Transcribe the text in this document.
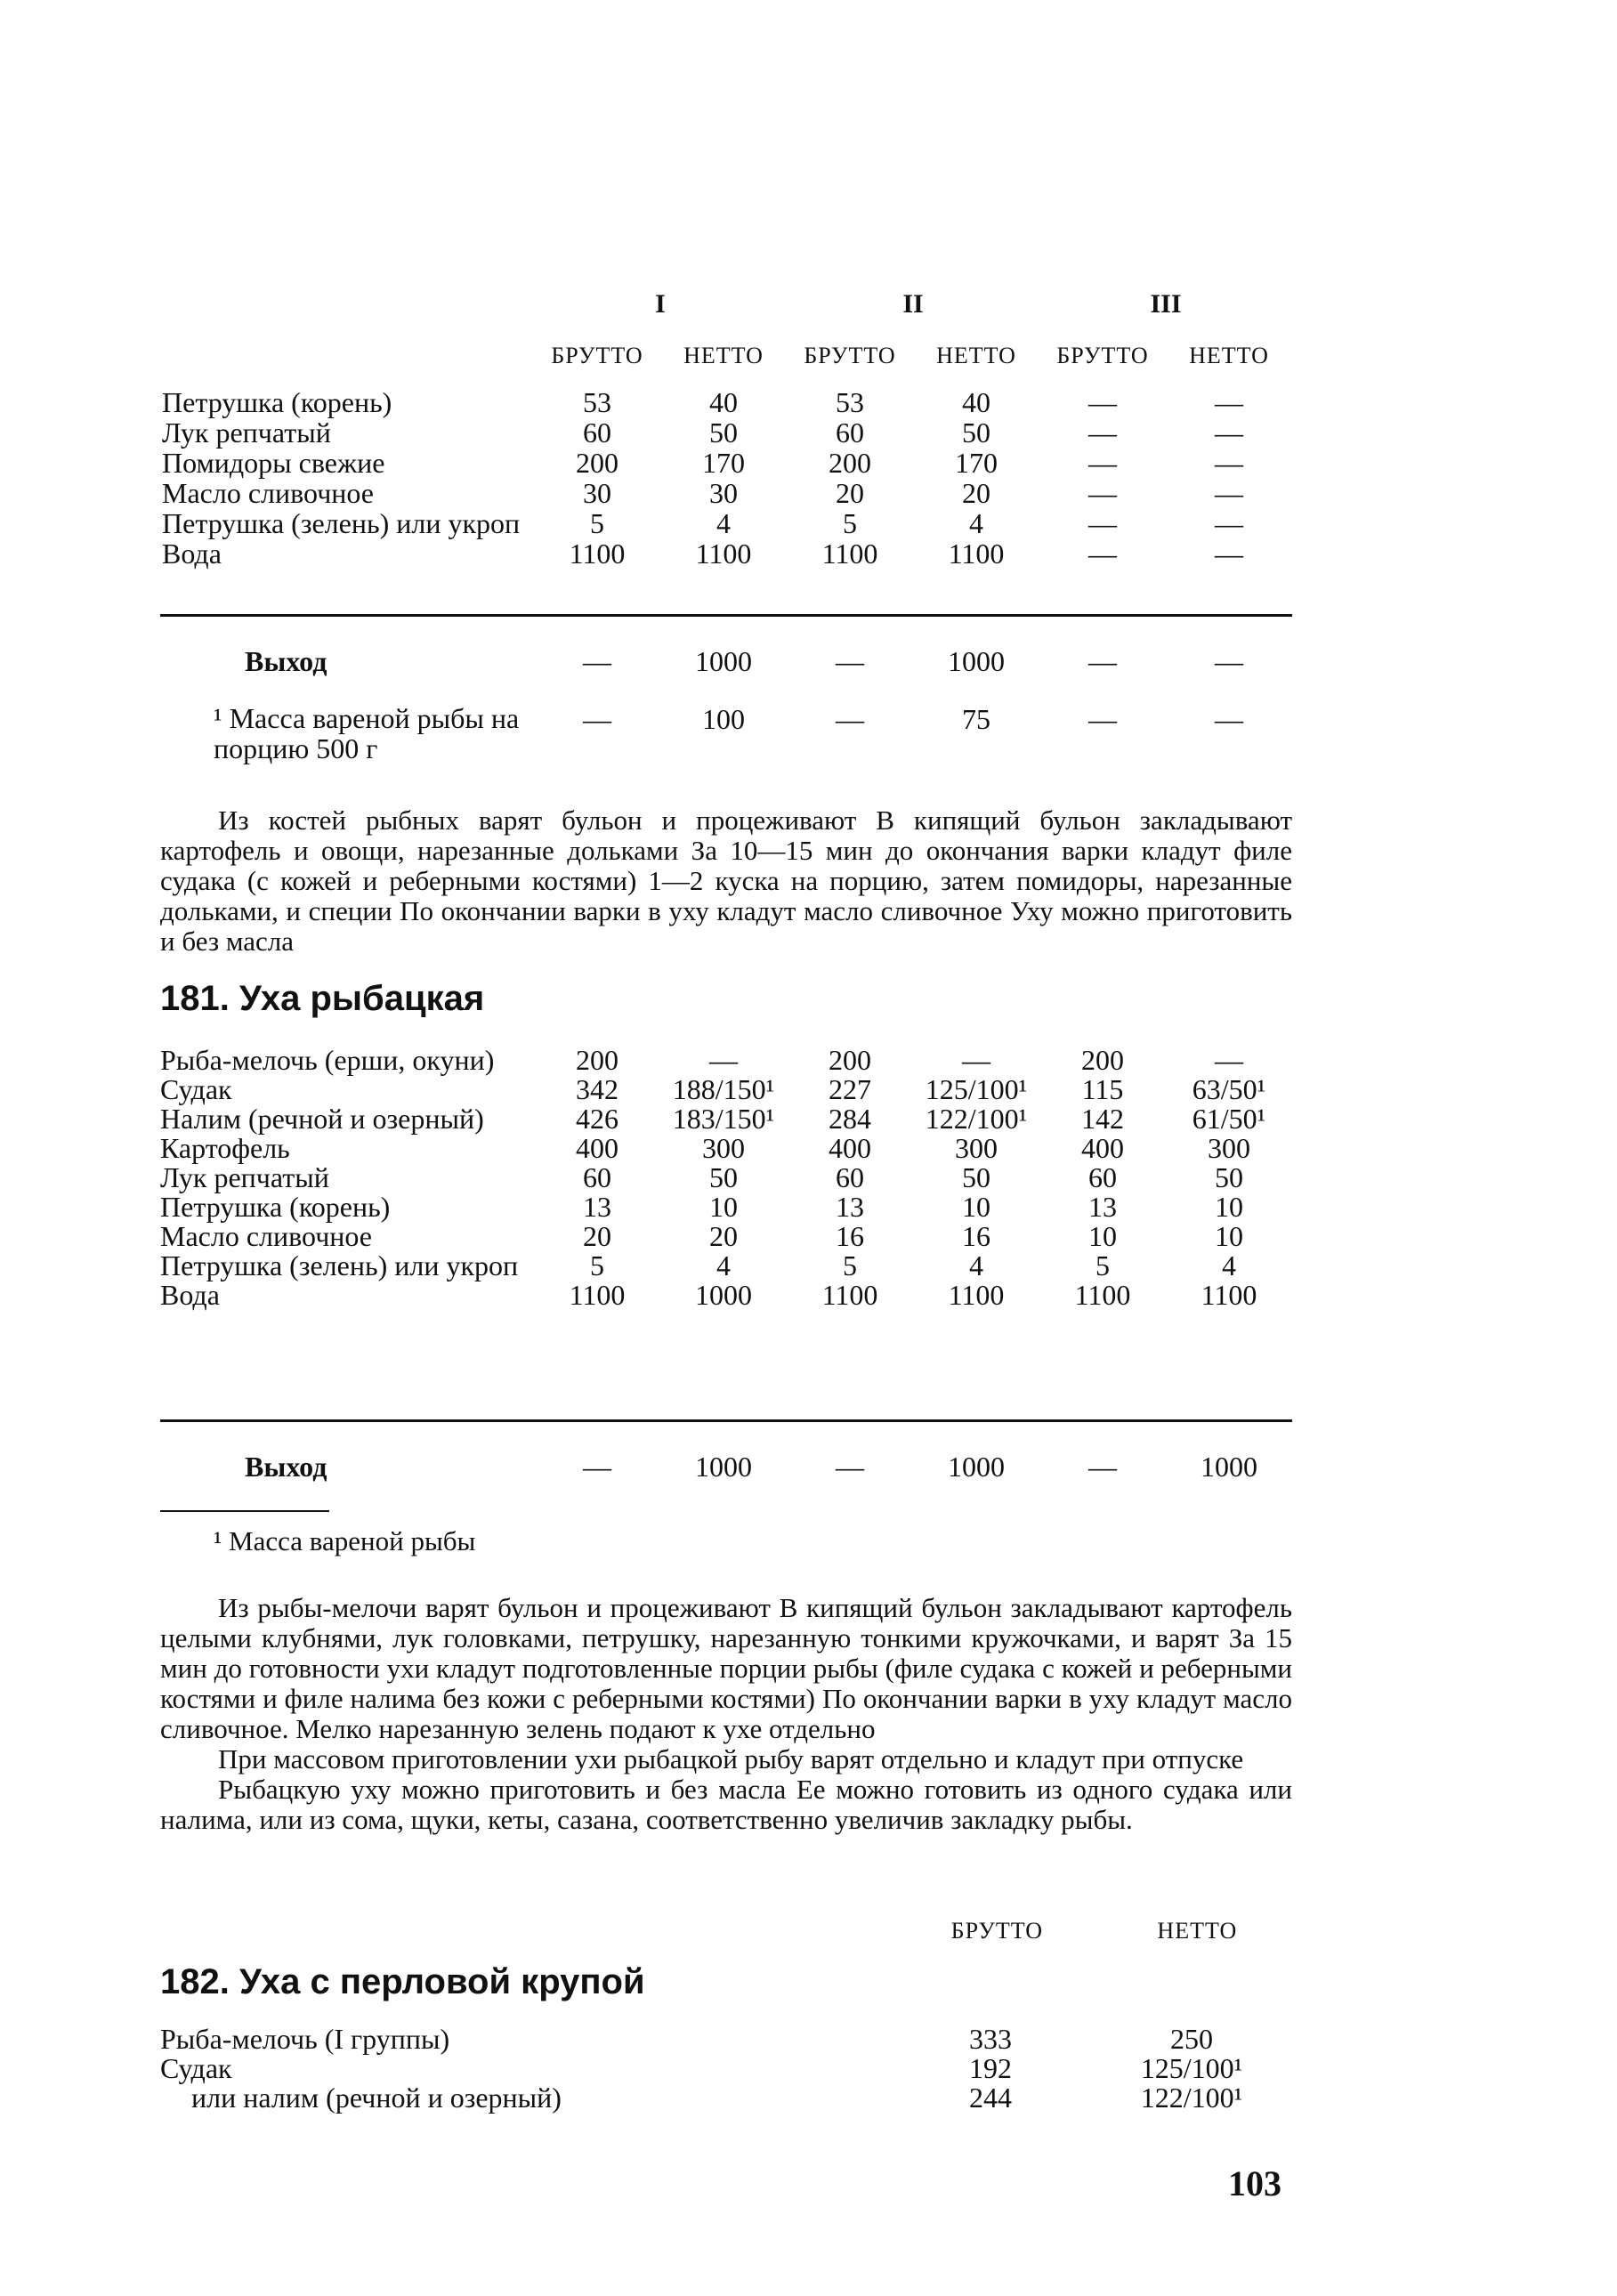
	I		II		III	
	БРУТТО	НЕТТО	БРУТТО	НЕТТО	БРУТТО	НЕТТО
Петрушка (корень)	53	40	53	40	—	—
Лук репчатый	60	50	60	50	—	—
Помидоры свежие	200	170	200	170	—	—
Масло сливочное	30	30	20	20	—	—
Петрушка (зелень) или укроп	5	4	5	4	—	—
Вода	1100	1100	1100	1100	—	—
Выход	—	1000	—	1000	—	—
¹ Масса вареной рыбы на порцию 500 г	—	100	—	75	—	—

Из костей рыбных варят бульон и процеживают В кипящий бульон закладывают картофель и овощи, нарезанные дольками За 10—15 мин до окончания варки кладут филе судака (с кожей и реберными костями) 1—2 куска на порцию, затем помидоры, нарезанные дольками, и специи По окончании варки в уху кладут масло сливочное Уху можно приготовить и без масла

181. Уха рыбацкая
Рыба-мелочь (ерши, окуни)	200	—	200	—	200	—
Судак	342	188/150¹	227	125/100¹	115	63/50¹
Налим (речной и озерный)	426	183/150¹	284	122/100¹	142	61/50¹
Картофель	400	300	400	300	400	300
Лук репчатый	60	50	60	50	60	50
Петрушка (корень)	13	10	13	10	13	10
Масло сливочное	20	20	16	16	10	10
Петрушка (зелень) или укроп	5	4	5	4	5	4
Вода	1100	1000	1100	1100	1100	1100
Выход	—	1000	—	1000	—	1000
¹ Масса вареной рыбы

Из рыбы-мелочи варят бульон и процеживают В кипящий бульон закладывают картофель целыми клубнями, лук головками, петрушку, нарезанную тонкими кружочками, и варят За 15 мин до готовности ухи кладут подготовленные порции рыбы (филе судака с кожей и реберными костями и филе налима без кожи с реберными костями) По окончании варки в уху кладут масло сливочное. Мелко нарезанную зелень подают к ухе отдельно

При массовом приготовлении ухи рыбацкой рыбу варят отдельно и кладут при отпуске

Рыбацкую уху можно приготовить и без масла Ее можно готовить из одного судака или налима, или из сома, щуки, кеты, сазана, соответственно увеличив закладку рыбы.

БРУТТО	НЕТТО
182. Уха с перловой крупой
Рыба-мелочь (I группы)	333	250
Судак	192	125/100¹
или налим (речной и озерный)	244	122/100¹
103
